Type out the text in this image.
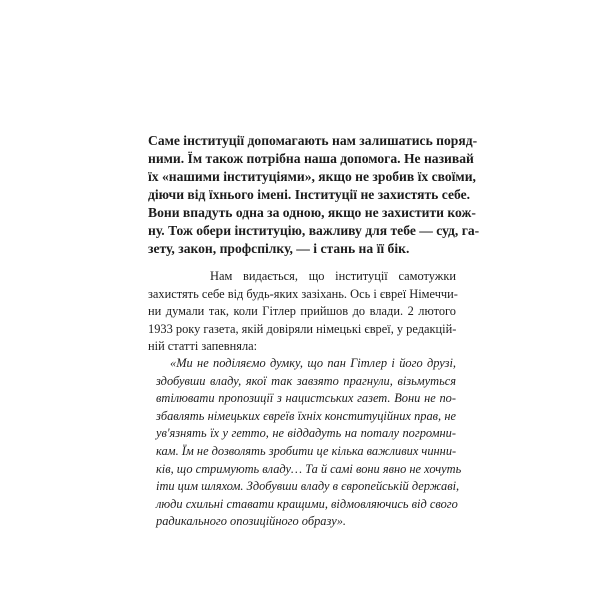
Саме інституції допомагають нам залишатись поряд-
ними. Їм також потрібна наша допомога. Не називай
їх «нашими інституціями», якщо не зробив їх своїми,
діючи від їхнього імені. Інституції не захистять себе.
Вони впадуть одна за одною, якщо не захистити кож-
ну. Тож обери інституцію, важливу для тебе — суд, га-
зету, закон, профспілку, — і стань на її бік.
Нам видається, що інституції самотужки
захистять себе від будь-яких зазіхань. Ось і євреї Німеччи-
ни думали так, коли Гітлер прийшов до влади. 2 лютого
1933 року газета, якій довіряли німецькі євреї, у редакцій-
ній статті запевняла:
«Ми не поділяємо думку, що пан Гітлер і його друзі,
здобувши владу, якої так завзято прагнули, візьмуться
втілювати пропозиції з нацистських газет. Вони не по-
збавлять німецьких євреїв їхніх конституційних прав, не
ув'язнять їх у гетто, не віддадуть на поталу погромни-
кам. Їм не дозволять зробити це кілька важливих чинни-
ків, що стримують владу… Та й самі вони явно не хочуть
іти цим шляхом. Здобувши владу в європейській державі,
люди схильні ставати кращими, відмовляючись від свого
радикального опозиційного образу».
